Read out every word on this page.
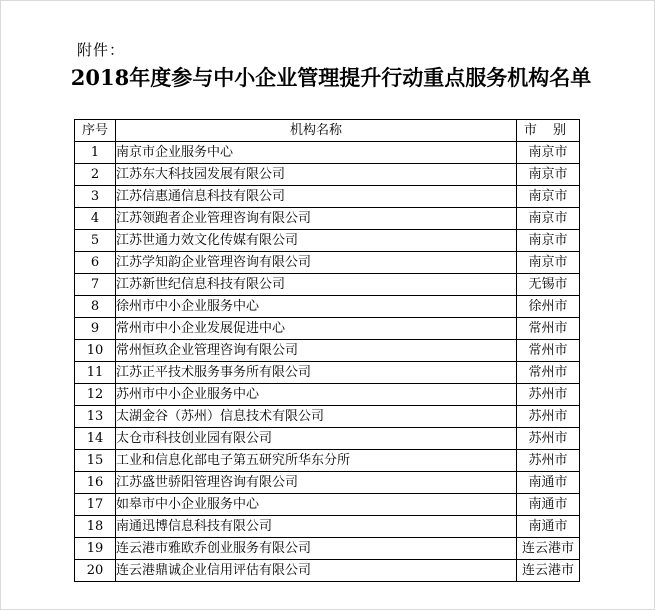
附件：
2018年度参与中小企业管理提升行动重点服务机构名单
序号	机构名称	市 别
1	南京市企业服务中心	南京市
2	江苏东大科技园发展有限公司	南京市
3	江苏信惠通信息科技有限公司	南京市
4	江苏领跑者企业管理咨询有限公司	南京市
5	江苏世通力效文化传媒有限公司	南京市
6	江苏学知韵企业管理咨询有限公司	南京市
7	江苏新世纪信息科技有限公司	无锡市
8	徐州市中小企业服务中心	徐州市
9	常州市中小企业发展促进中心	常州市
10	常州恒玖企业管理咨询有限公司	常州市
11	江苏正平技术服务事务所有限公司	常州市
12	苏州市中小企业服务中心	苏州市
13	太湖金谷（苏州）信息技术有限公司	苏州市
14	太仓市科技创业园有限公司	苏州市
15	工业和信息化部电子第五研究所华东分所	苏州市
16	江苏盛世骄阳管理咨询有限公司	南通市
17	如皋市中小企业服务中心	南通市
18	南通迅博信息科技有限公司	南通市
19	连云港市雅欧乔创业服务有限公司	连云港市
20	连云港鼎诚企业信用评估有限公司	连云港市
